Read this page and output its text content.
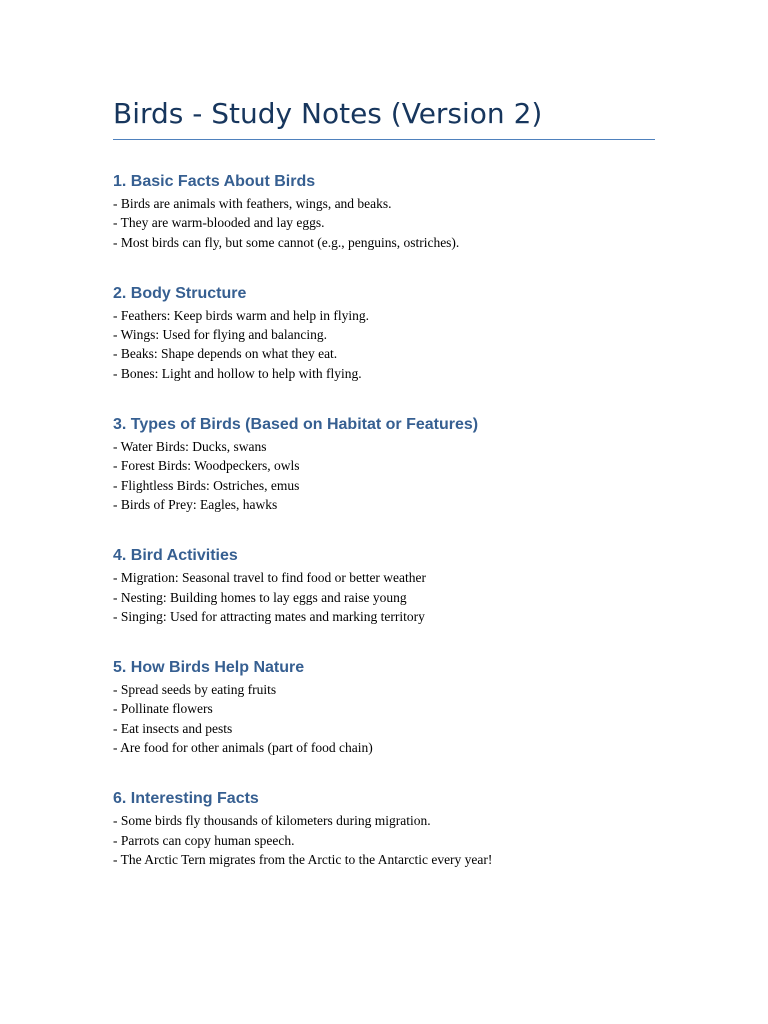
Birds - Study Notes (Version 2)
1. Basic Facts About Birds
- Birds are animals with feathers, wings, and beaks.
- They are warm-blooded and lay eggs.
- Most birds can fly, but some cannot (e.g., penguins, ostriches).
2. Body Structure
- Feathers: Keep birds warm and help in flying.
- Wings: Used for flying and balancing.
- Beaks: Shape depends on what they eat.
- Bones: Light and hollow to help with flying.
3. Types of Birds (Based on Habitat or Features)
- Water Birds: Ducks, swans
- Forest Birds: Woodpeckers, owls
- Flightless Birds: Ostriches, emus
- Birds of Prey: Eagles, hawks
4. Bird Activities
- Migration: Seasonal travel to find food or better weather
- Nesting: Building homes to lay eggs and raise young
- Singing: Used for attracting mates and marking territory
5. How Birds Help Nature
- Spread seeds by eating fruits
- Pollinate flowers
- Eat insects and pests
- Are food for other animals (part of food chain)
6. Interesting Facts
- Some birds fly thousands of kilometers during migration.
- Parrots can copy human speech.
- The Arctic Tern migrates from the Arctic to the Antarctic every year!
